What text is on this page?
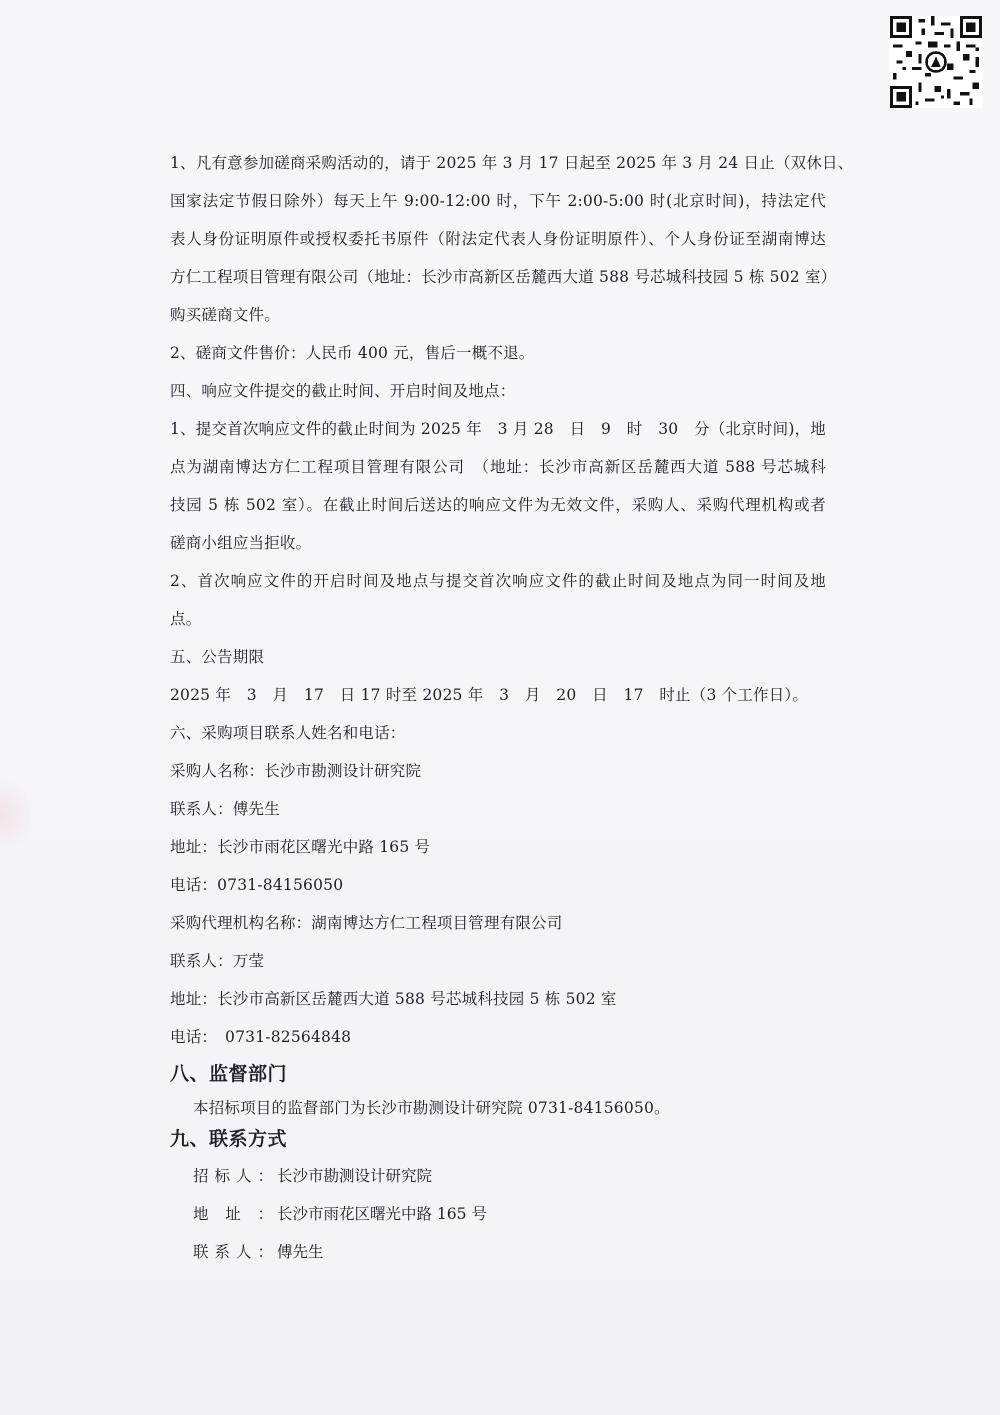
1、凡有意参加磋商采购活动的，请于 2025 年 3 月 17 日起至 2025 年 3 月 24 日止（双休日、
国家法定节假日除外）每天上午 9:00-12:00 时，下午 2:00-5:00 时(北京时间)，持法定代
表人身份证明原件或授权委托书原件（附法定代表人身份证明原件）、个人身份证至湖南博达
方仁工程项目管理有限公司（地址：长沙市高新区岳麓西大道 588 号芯城科技园 5 栋 502 室）
购买磋商文件。
2、磋商文件售价：人民币 400 元，售后一概不退。
四、响应文件提交的截止时间、开启时间及地点：
1、提交首次响应文件的截止时间为 2025 年　3 月 28　日　9　时　30　分（北京时间)，地
点为湖南博达方仁工程项目管理有限公司　（地址：长沙市高新区岳麓西大道 588 号芯城科
技园 5 栋 502 室）。在截止时间后送达的响应文件为无效文件，采购人、采购代理机构或者
磋商小组应当拒收。
2、首次响应文件的开启时间及地点与提交首次响应文件的截止时间及地点为同一时间及地
点。
五、公告期限
2025 年　3　月　17　日 17 时至 2025 年　3　月　20　日　17　时止（3 个工作日）。
六、采购项目联系人姓名和电话：
采购人名称：长沙市勘测设计研究院
联系人：傅先生
地址：长沙市雨花区曙光中路 165 号
电话：0731-84156050
采购代理机构名称：湖南博达方仁工程项目管理有限公司
联系人：万莹
地址：长沙市高新区岳麓西大道 588 号芯城科技园 5 栋 502 室
电话：　0731-82564848
八、监督部门
本招标项目的监督部门为长沙市勘测设计研究院 0731-84156050。
九、联系方式
招标人： 长沙市勘测设计研究院
地址： 长沙市雨花区曙光中路 165 号
联系人： 傅先生
